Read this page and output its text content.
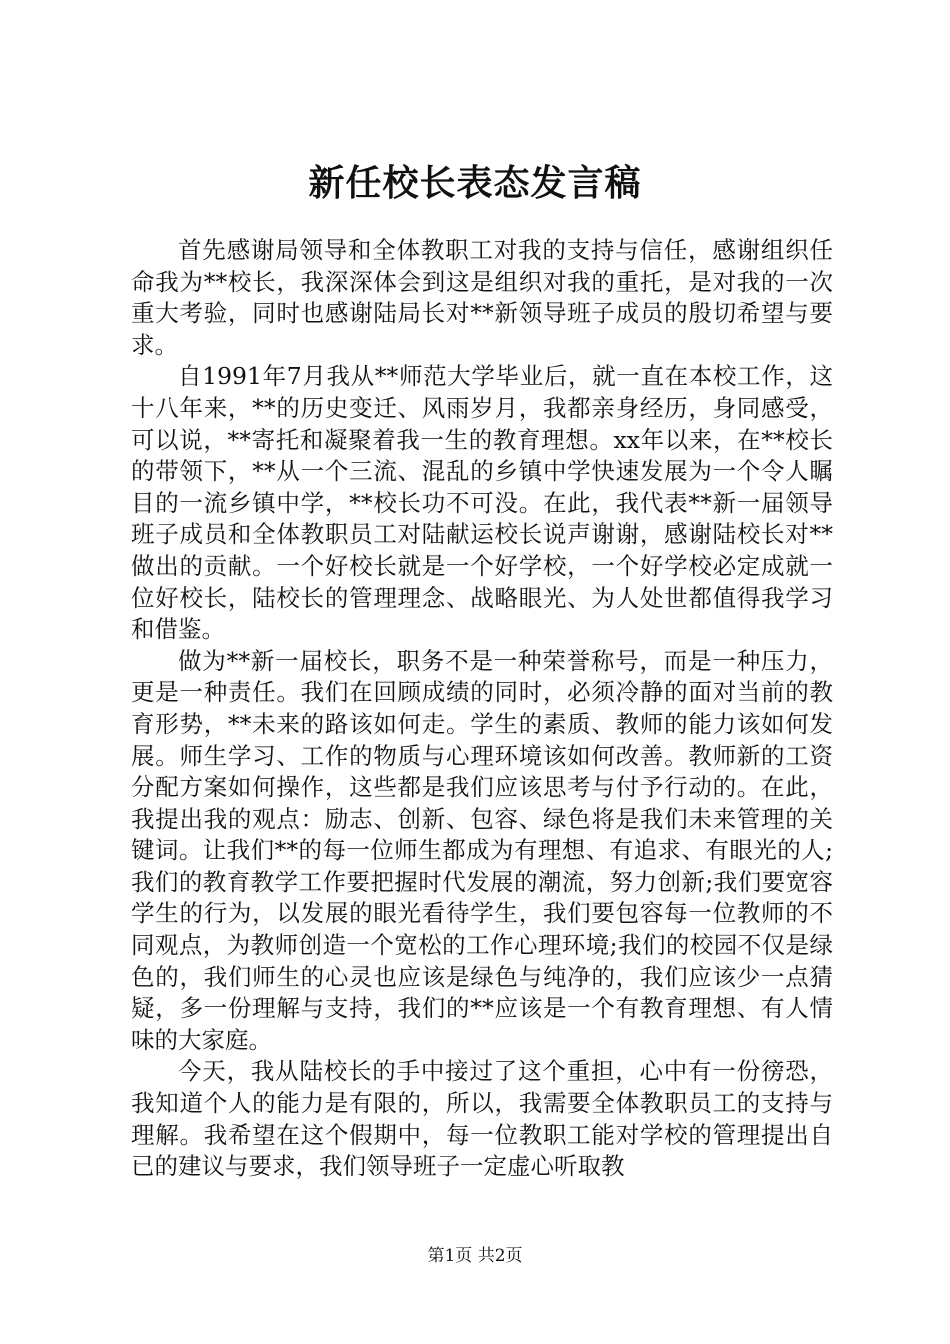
新任校长表态发言稿

首先感谢局领导和全体教职工对我的支持与信任，感谢组织任命我为**校长，我深深体会到这是组织对我的重托，是对我的一次重大考验，同时也感谢陆局长对**新领导班子成员的殷切希望与要求。

自1991年7月我从**师范大学毕业后，就一直在本校工作，这十八年来，**的历史变迁、风雨岁月，我都亲身经历，身同感受，可以说，**寄托和凝聚着我一生的教育理想。xx年以来，在**校长的带领下，**从一个三流、混乱的乡镇中学快速发展为一个令人瞩目的一流乡镇中学，**校长功不可没。在此，我代表**新一届领导班子成员和全体教职员工对陆献运校长说声谢谢，感谢陆校长对**做出的贡献。一个好校长就是一个好学校，一个好学校必定成就一位好校长，陆校长的管理理念、战略眼光、为人处世都值得我学习和借鉴。

做为**新一届校长，职务不是一种荣誉称号，而是一种压力，更是一种责任。我们在回顾成绩的同时，必须冷静的面对当前的教育形势，**未来的路该如何走。学生的素质、教师的能力该如何发展。师生学习、工作的物质与心理环境该如何改善。教师新的工资分配方案如何操作，这些都是我们应该思考与付予行动的。在此，我提出我的观点：励志、创新、包容、绿色将是我们未来管理的关键词。让我们**的每一位师生都成为有理想、有追求、有眼光的人;我们的教育教学工作要把握时代发展的潮流，努力创新;我们要宽容学生的行为，以发展的眼光看待学生，我们要包容每一位教师的不同观点，为教师创造一个宽松的工作心理环境;我们的校园不仅是绿色的，我们师生的心灵也应该是绿色与纯净的，我们应该少一点猜疑，多一份理解与支持，我们的**应该是一个有教育理想、有人情味的大家庭。

今天，我从陆校长的手中接过了这个重担，心中有一份徬恐，我知道个人的能力是有限的，所以，我需要全体教职员工的支持与理解。我希望在这个假期中，每一位教职工能对学校的管理提出自已的建议与要求，我们领导班子一定虚心听取教

第1页 共2页
